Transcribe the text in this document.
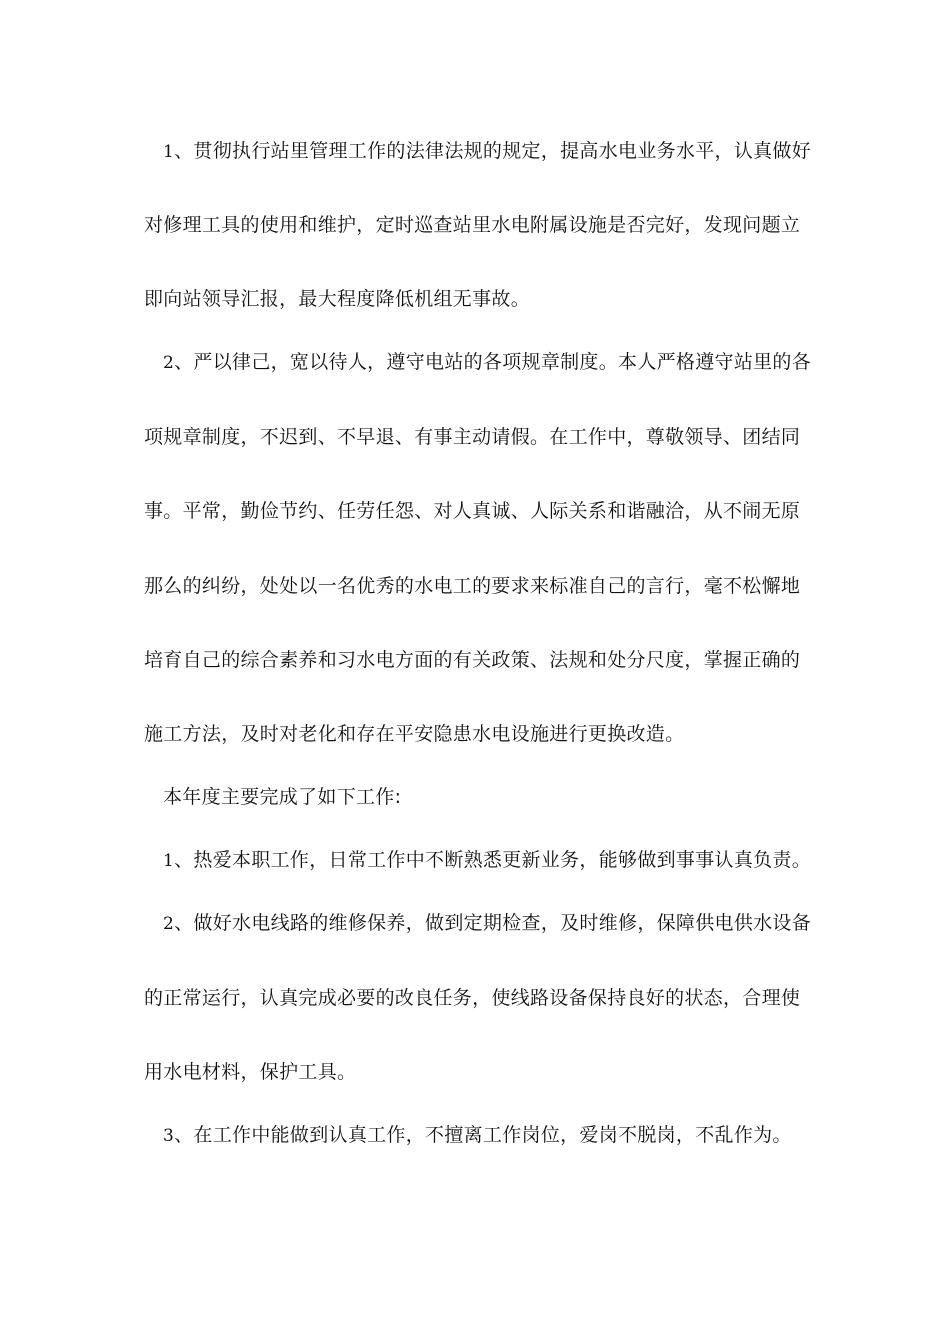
1、贯彻执行站里管理工作的法律法规的规定，提高水电业务水平，认真做好
对修理工具的使用和维护，定时巡查站里水电附属设施是否完好，发现问题立
即向站领导汇报，最大程度降低机组无事故。
2、严以律己，宽以待人，遵守电站的各项规章制度。本人严格遵守站里的各
项规章制度，不迟到、不早退、有事主动请假。在工作中，尊敬领导、团结同
事。平常，勤俭节约、任劳任怨、对人真诚、人际关系和谐融洽，从不闹无原
那么的纠纷，处处以一名优秀的水电工的要求来标准自己的言行，毫不松懈地
培育自己的综合素养和习水电方面的有关政策、法规和处分尺度，掌握正确的
施工方法，及时对老化和存在平安隐患水电设施进行更换改造。
本年度主要完成了如下工作:
1、热爱本职工作，日常工作中不断熟悉更新业务，能够做到事事认真负责。
2、做好水电线路的维修保养，做到定期检查，及时维修，保障供电供水设备
的正常运行，认真完成必要的改良任务，使线路设备保持良好的状态，合理使
用水电材料，保护工具。
3、在工作中能做到认真工作，不擅离工作岗位，爱岗不脱岗，不乱作为。
